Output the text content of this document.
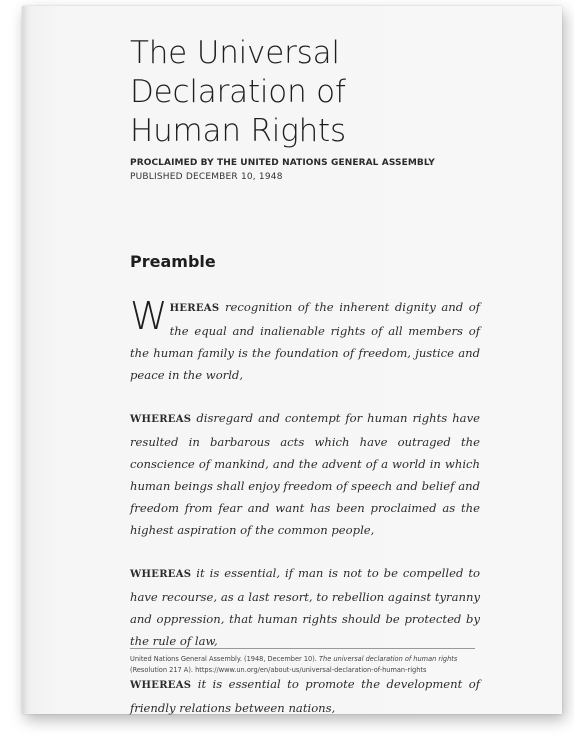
The Universal
Declaration of
Human Rights
PROCLAIMED BY THE UNITED NATIONS GENERAL ASSEMBLY
PUBLISHED DECEMBER 10, 1948
Preamble

WHEREAS recognition of the inherent dignity and of the equal and inalienable rights of all members of the human family is the foundation of freedom, justice and peace in the world,

WHEREAS disregard and contempt for human rights have resulted in barbarous acts which have outraged the conscience of mankind, and the advent of a world in which human beings shall enjoy freedom of speech and belief and freedom from fear and want has been proclaimed as the highest aspiration of the common people,

WHEREAS it is essential, if man is not to be compelled to have recourse, as a last resort, to rebellion against tyranny and oppression, that human rights should be protected by the rule of law,

WHEREAS it is essential to promote the development of friendly relations between nations,

United Nations General Assembly. (1948, December 10). The universal declaration of human rights (Resolution 217 A). https://www.un.org/en/about-us/universal-declaration-of-human-rights
